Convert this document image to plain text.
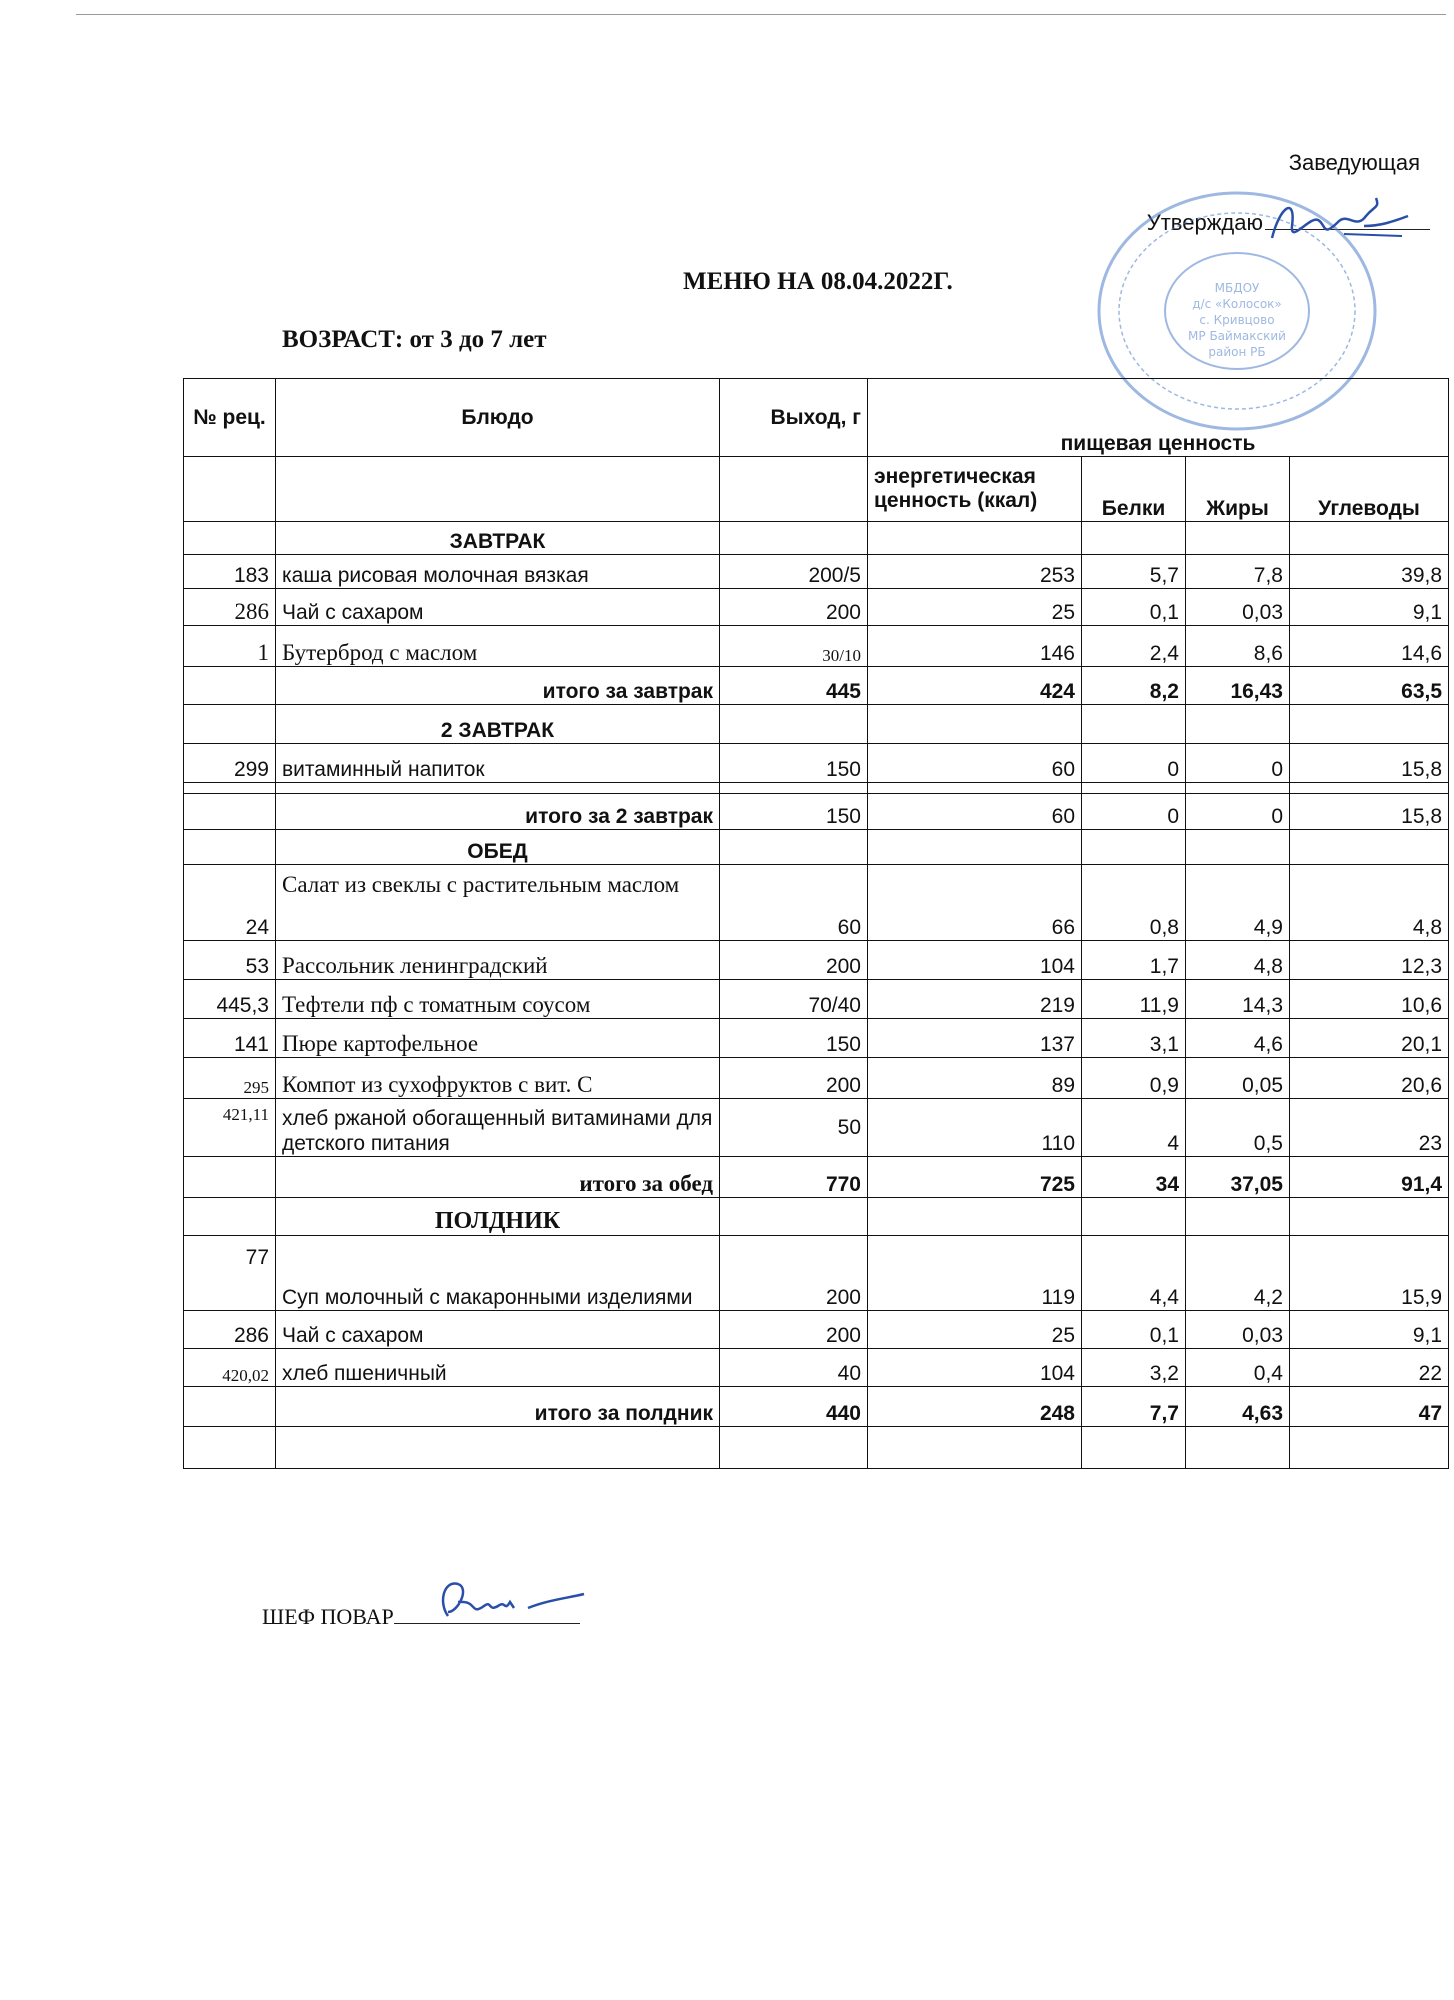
Заведующая
Утверждаю
МБДОУ
д/с «Колосок»
с. Кривцово
МР Баймакский
район РБ
МЕНЮ НА 08.04.2022Г.
ВОЗРАСТ: от 3 до 7 лет
№ рец.	Блюдо	Выход, г	пищевая ценность			
			энергетическая ценность (ккал)	Белки	Жиры	Углеводы
	ЗАВТРАК					
183	каша рисовая молочная вязкая	200/5	253	5,7	7,8	39,8
286	Чай с сахаром	200	25	0,1	0,03	9,1
1	Бутерброд с маслом	30/10	146	2,4	8,6	14,6
	итого за завтрак	445	424	8,2	16,43	63,5
	2 ЗАВТРАК					
299	витаминный напиток	150	60	0	0	15,8

	итого за 2 завтрак	150	60	0	0	15,8
	ОБЕД					
24	Салат из свеклы с растительным маслом	60	66	0,8	4,9	4,8
53	Рассольник ленинградский	200	104	1,7	4,8	12,3
445,3	Тефтели пф с томатным соусом	70/40	219	11,9	14,3	10,6
141	Пюре картофельное	150	137	3,1	4,6	20,1
295	Компот из сухофруктов с вит. С	200	89	0,9	0,05	20,6
421,11	хлеб ржаной обогащенный витаминами для детского питания	50	110	4	0,5	23
	итого за обед	770	725	34	37,05	91,4
	ПОЛДНИК					
77	Суп молочный с макаронными изделиями	200	119	4,4	4,2	15,9
286	Чай с сахаром	200	25	0,1	0,03	9,1
420,02	хлеб пшеничный	40	104	3,2	0,4	22
	итого за полдник	440	248	7,7	4,63	47

ШЕФ ПОВАР
